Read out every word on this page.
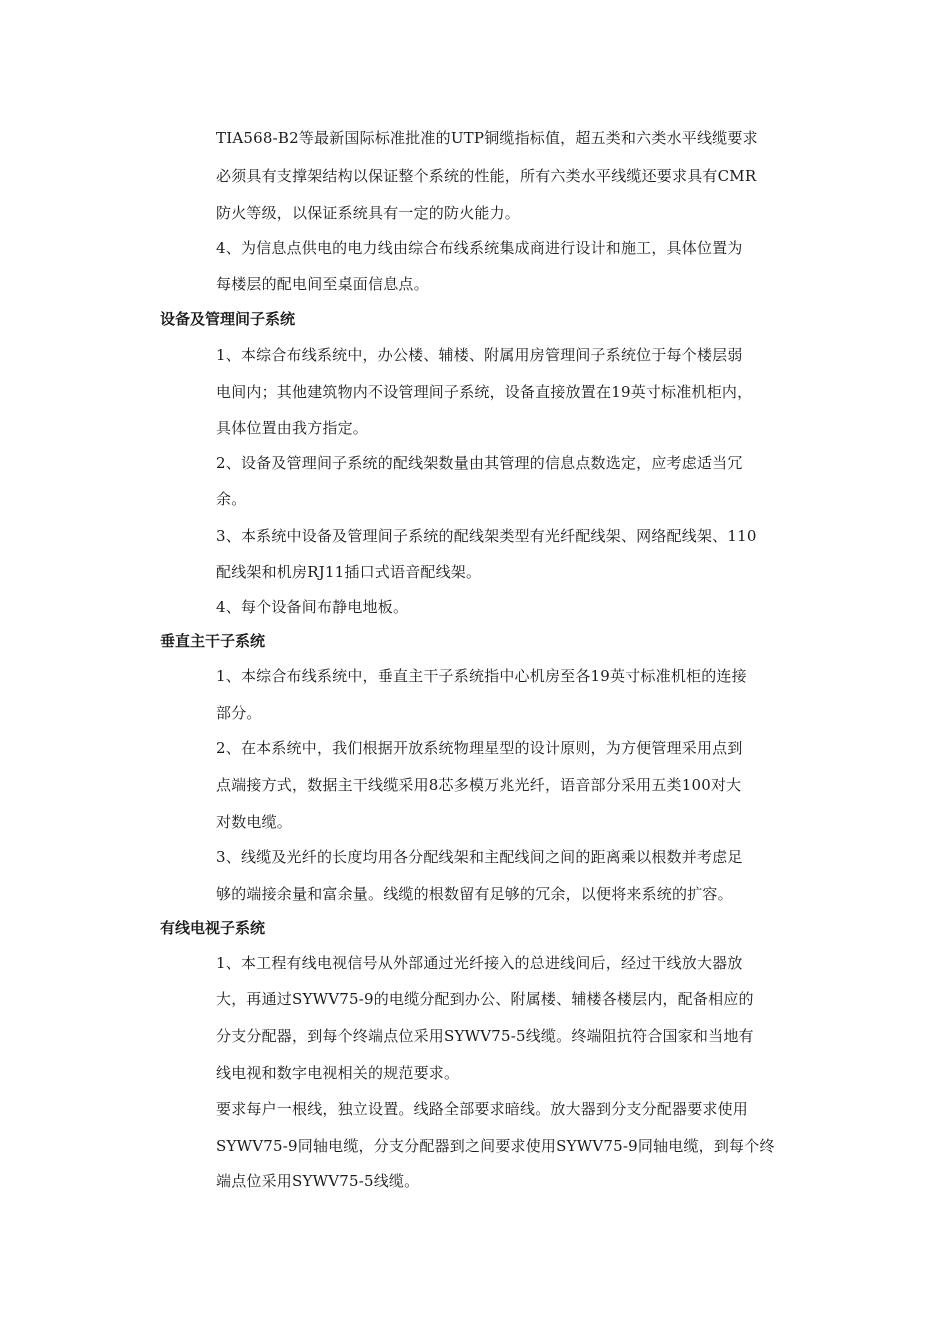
TIA568-B2等最新国际标准批准的UTP铜缆指标值，超五类和六类水平线缆要求
必须具有支撑架结构以保证整个系统的性能，所有六类水平线缆还要求具有CMR
防火等级，以保证系统具有一定的防火能力。
4、为信息点供电的电力线由综合布线系统集成商进行设计和施工，具体位置为
每楼层的配电间至桌面信息点。
设备及管理间子系统
1、本综合布线系统中，办公楼、辅楼、附属用房管理间子系统位于每个楼层弱
电间内；其他建筑物内不设管理间子系统，设备直接放置在19英寸标准机柜内，
具体位置由我方指定。
2、设备及管理间子系统的配线架数量由其管理的信息点数选定，应考虑适当冗
余。
3、本系统中设备及管理间子系统的配线架类型有光纤配线架、网络配线架、110
配线架和机房RJ11插口式语音配线架。
4、每个设备间布静电地板。
垂直主干子系统
1、本综合布线系统中，垂直主干子系统指中心机房至各19英寸标准机柜的连接
部分。
2、在本系统中，我们根据开放系统物理星型的设计原则，为方便管理采用点到
点端接方式，数据主干线缆采用8芯多模万兆光纤，语音部分采用五类100对大
对数电缆。
3、线缆及光纤的长度均用各分配线架和主配线间之间的距离乘以根数并考虑足
够的端接余量和富余量。线缆的根数留有足够的冗余，以便将来系统的扩容。
有线电视子系统
1、本工程有线电视信号从外部通过光纤接入的总进线间后，经过干线放大器放
大，再通过SYWV75-9的电缆分配到办公、附属楼、辅楼各楼层内，配备相应的
分支分配器，到每个终端点位采用SYWV75-5线缆。终端阻抗符合国家和当地有
线电视和数字电视相关的规范要求。
要求每户一根线，独立设置。线路全部要求暗线。放大器到分支分配器要求使用
SYWV75-9同轴电缆，分支分配器到之间要求使用SYWV75-9同轴电缆，到每个终
端点位采用SYWV75-5线缆。
